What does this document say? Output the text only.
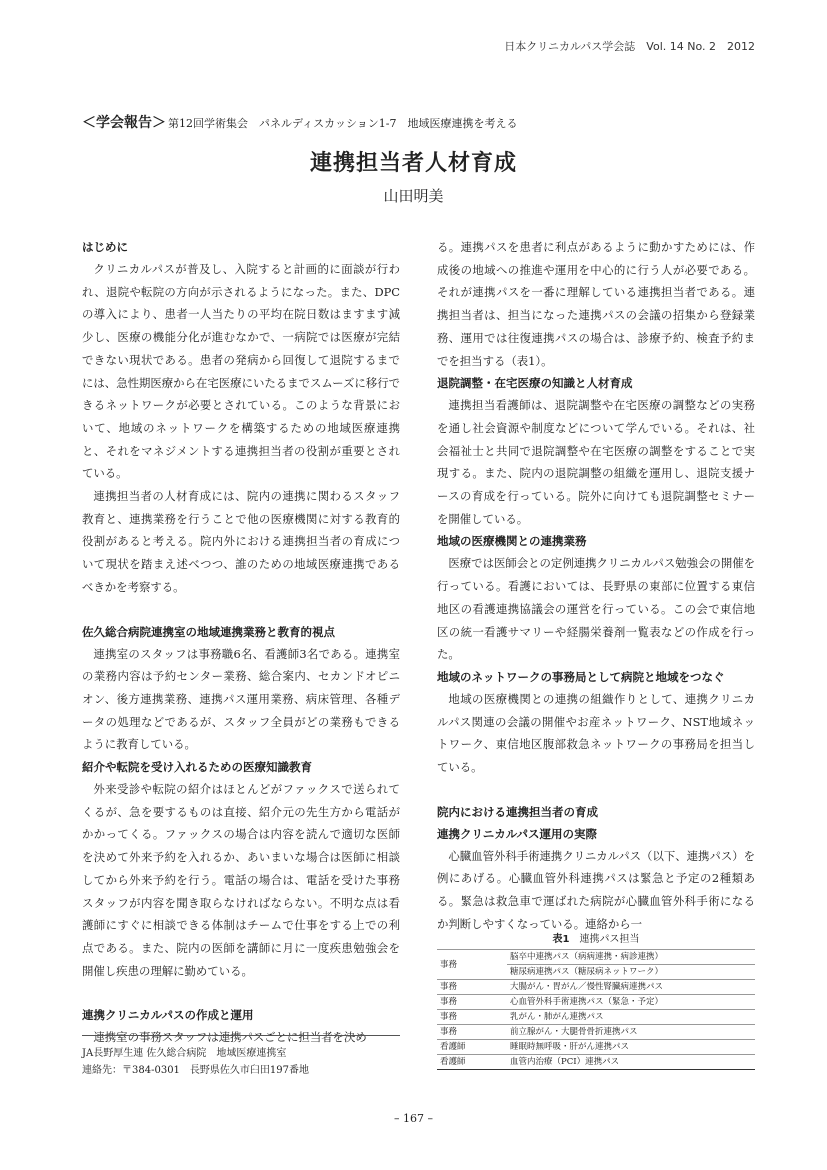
日本クリニカルパス学会誌　Vol. 14 No. 2　2012
＜学会報告＞ 第12回学術集会　パネルディスカッション1-7　地域医療連携を考える
連携担当者人材育成
山田明美
はじめに

クリニカルパスが普及し、入院すると計画的に面談が行われ、退院や転院の方向が示されるようになった。また、DPCの導入により、患者一人当たりの平均在院日数はますます減少し、医療の機能分化が進むなかで、一病院では医療が完結できない現状である。患者の発病から回復して退院するまでには、急性期医療から在宅医療にいたるまでスムーズに移行できるネットワークが必要とされている。このような背景において、地域のネットワークを構築するための地域医療連携と、それをマネジメントする連携担当者の役割が重要とされている。

連携担当者の人材育成には、院内の連携に関わるスタッフ教育と、連携業務を行うことで他の医療機関に対する教育的役割があると考える。院内外における連携担当者の育成について現状を踏まえ述べつつ、誰のための地域医療連携であるべきかを考察する。

佐久総合病院連携室の地域連携業務と教育的視点

連携室のスタッフは事務職6名、看護師3名である。連携室の業務内容は予約センター業務、総合案内、セカンドオピニオン、後方連携業務、連携パス運用業務、病床管理、各種データの処理などであるが、スタッフ全員がどの業務もできるように教育している。

紹介や転院を受け入れるための医療知識教育

外来受診や転院の紹介はほとんどがファックスで送られてくるが、急を要するものは直接、紹介元の先生方から電話がかかってくる。ファックスの場合は内容を読んで適切な医師を決めて外来予約を入れるか、あいまいな場合は医師に相談してから外来予約を行う。電話の場合は、電話を受けた事務スタッフが内容を聞き取らなければならない。不明な点は看護師にすぐに相談できる体制はチームで仕事をする上での利点である。また、院内の医師を講師に月に一度疾患勉強会を開催し疾患の理解に勤めている。

連携クリニカルパスの作成と運用

連携室の事務スタッフは連携パスごとに担当者を決め

る。連携パスを患者に利点があるように動かすためには、作成後の地域への推進や運用を中心的に行う人が必要である。それが連携パスを一番に理解している連携担当者である。連携担当者は、担当になった連携パスの会議の招集から登録業務、運用では往復連携パスの場合は、診療予約、検査予約までを担当する（表1）。

退院調整・在宅医療の知識と人材育成

連携担当看護師は、退院調整や在宅医療の調整などの実務を通し社会資源や制度などについて学んでいる。それは、社会福祉士と共同で退院調整や在宅医療の調整をすることで実現する。また、院内の退院調整の組織を運用し、退院支援ナースの育成を行っている。院外に向けても退院調整セミナーを開催している。

地域の医療機関との連携業務

医療では医師会との定例連携クリニカルパス勉強会の開催を行っている。看護においては、長野県の東部に位置する東信地区の看護連携協議会の運営を行っている。この会で東信地区の統一看護サマリーや経腸栄養剤一覧表などの作成を行った。

地域のネットワークの事務局として病院と地域をつなぐ

地域の医療機関との連携の組織作りとして、連携クリニカルパス関連の会議の開催やお産ネットワーク、NST地域ネットワーク、東信地区腹部救急ネットワークの事務局を担当している。

院内における連携担当者の育成
連携クリニカルパス運用の実際

心臓血管外科手術連携クリニカルパス（以下、連携パス）を例にあげる。心臓血管外科連携パスは緊急と予定の2種類ある。緊急は救急車で運ばれた病院が心臓血管外科手術になるか判断しやすくなっている。連絡から一

JA長野厚生連 佐久総合病院　地域医療連携室
連絡先：〒384-0301　長野県佐久市臼田197番地
表1　 連携パス担当
事務	脳卒中連携パス（病病連携・病診連携）
	糖尿病連携パス（糖尿病ネットワーク）
事務	大腸がん・胃がん／慢性腎臓病連携パス
事務	心血管外科手術連携パス（緊急・予定）
事務	乳がん・肺がん連携パス
事務	前立腺がん・大腿骨骨折連携パス
看護師	睡眠時無呼吸・肝がん連携パス
看護師	血管内治療（PCI）連携パス
– 167 –
